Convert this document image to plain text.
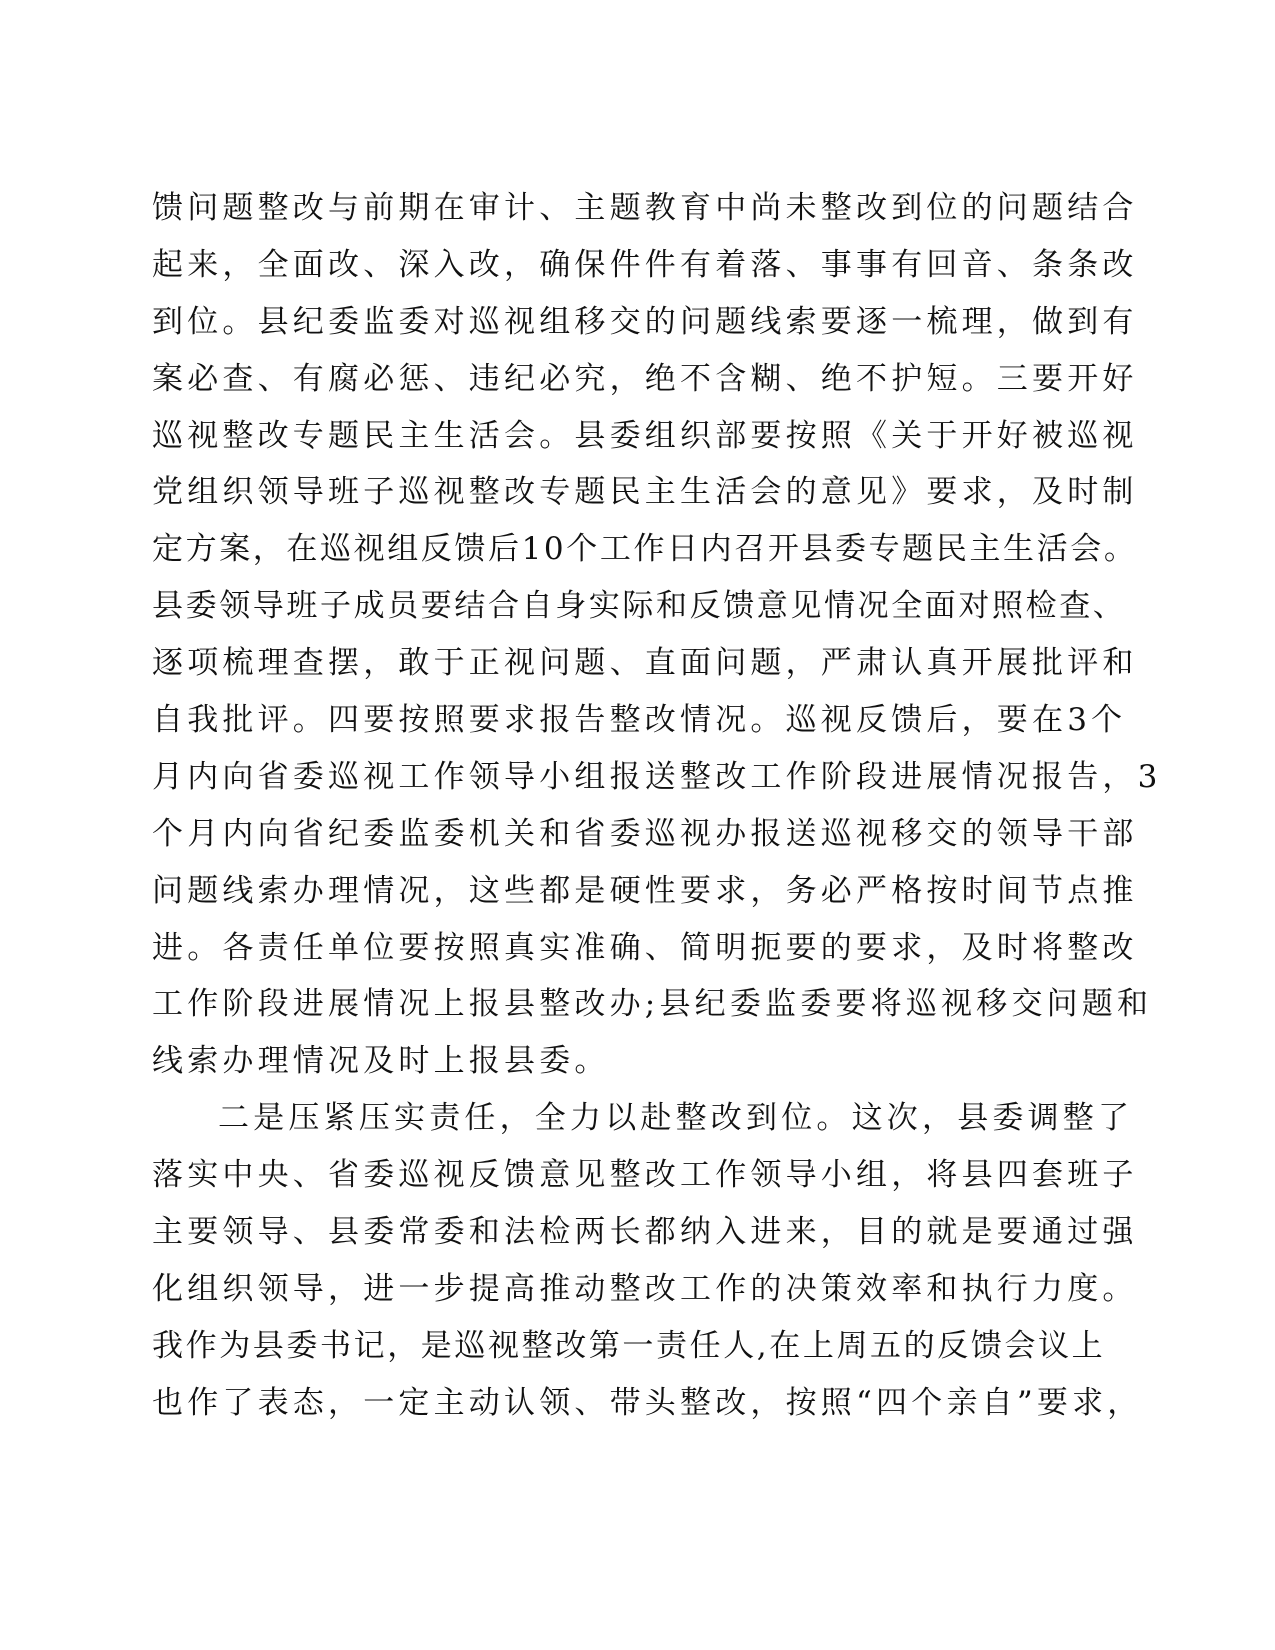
馈问题整改与前期在审计、主题教育中尚未整改到位的问题结合
起来，全面改、深入改，确保件件有着落、事事有回音、条条改
到位。县纪委监委对巡视组移交的问题线索要逐一梳理，做到有
案必查、有腐必惩、违纪必究，绝不含糊、绝不护短。三要开好
巡视整改专题民主生活会。县委组织部要按照《关于开好被巡视
党组织领导班子巡视整改专题民主生活会的意见》要求，及时制
定方案，在巡视组反馈后10个工作日内召开县委专题民主生活会。
县委领导班子成员要结合自身实际和反馈意见情况全面对照检查、
逐项梳理查摆，敢于正视问题、直面问题，严肃认真开展批评和
自我批评。四要按照要求报告整改情况。巡视反馈后，要在3个
月内向省委巡视工作领导小组报送整改工作阶段进展情况报告，3
个月内向省纪委监委机关和省委巡视办报送巡视移交的领导干部
问题线索办理情况，这些都是硬性要求，务必严格按时间节点推
进。各责任单位要按照真实准确、简明扼要的要求，及时将整改
工作阶段进展情况上报县整改办;县纪委监委要将巡视移交问题和
线索办理情况及时上报县委。
二是压紧压实责任，全力以赴整改到位。这次，县委调整了
落实中央、省委巡视反馈意见整改工作领导小组，将县四套班子
主要领导、县委常委和法检两长都纳入进来，目的就是要通过强
化组织领导，进一步提高推动整改工作的决策效率和执行力度。
我作为县委书记，是巡视整改第一责任人,在上周五的反馈会议上
也作了表态，一定主动认领、带头整改，按照“四个亲自”要求，
